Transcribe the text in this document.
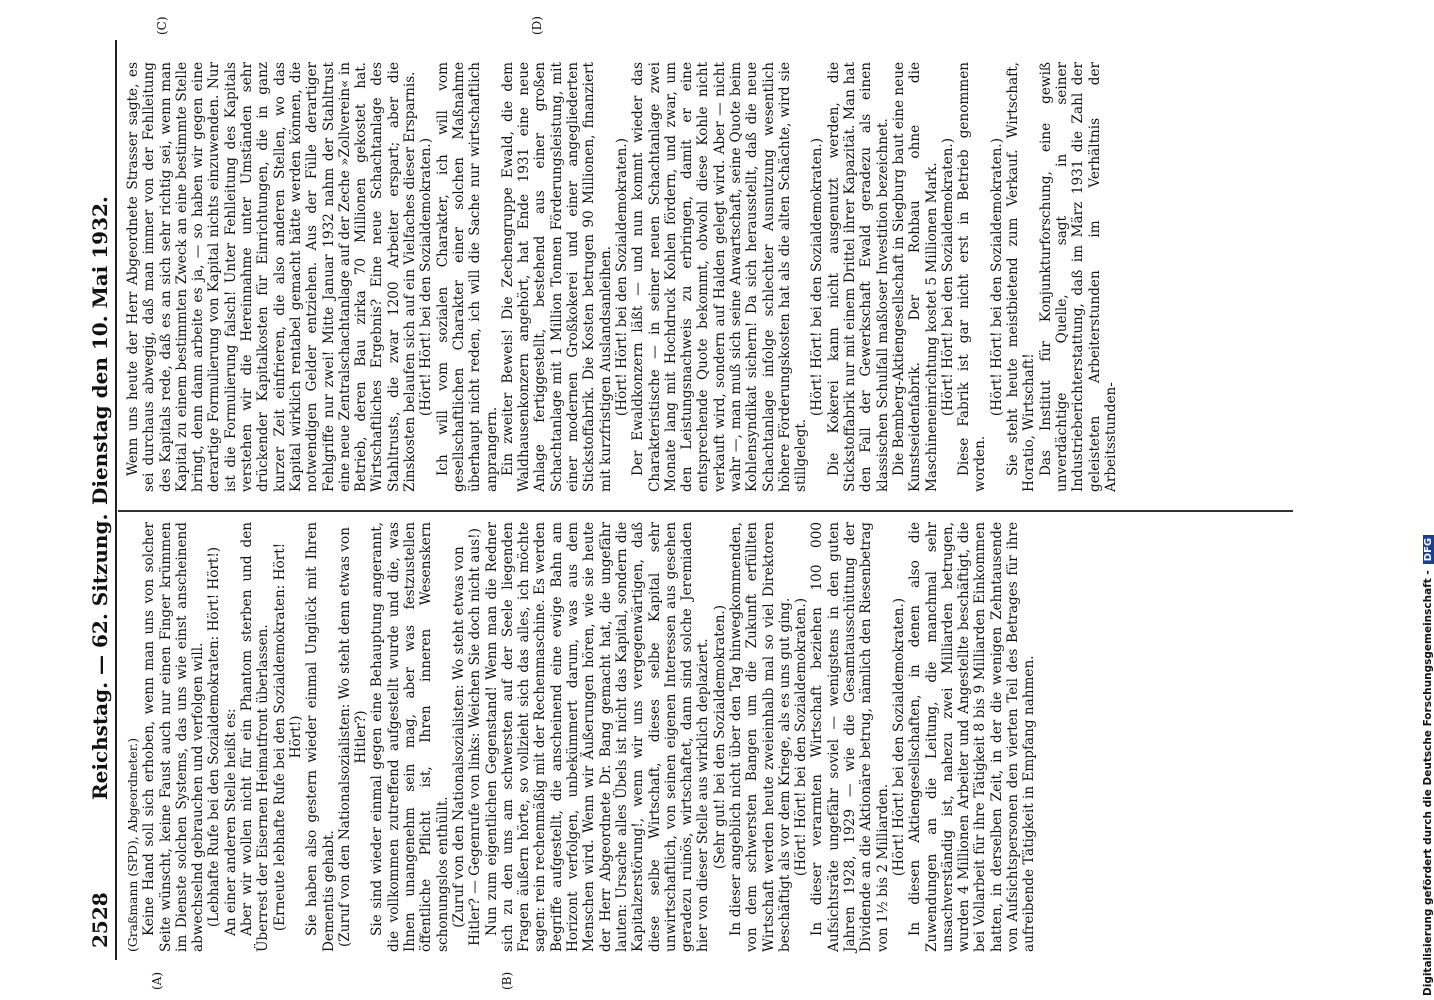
2528
Reichstag. — 62. Sitzung.
Dienstag den 10. Mai 1932.
(A)	(B)
(C)	(D)

(Graßmann (SPD), Abgeordneter.) Keine Hand soll sich erhoben, wenn man uns von solcher Seite wünscht, keine Faust auch nur einen Finger krümmen im Dienste solchen Systems, das uns wie einst anscheinend abwechselnd gebrauchen und verfolgen will. (Lebhafte Rufe bei den Sozialdemokraten: Hört! Hört!) An einer anderen Stelle heißt es: Aber wir wollen nicht für ein Phantom sterben und den Überrest der Eisernen Heimatfront überlassen. (Erneute lebhafte Rufe bei den Sozialdemokraten: Hört! Hört!) Sie haben also gestern wieder einmal Unglück mit Ihren Dementis gehabt. (Zuruf von den Nationalsozialisten: Wo steht denn etwas von Hitler?) Sie sind wieder einmal gegen eine Behauptung angerannt, die vollkommen zutreffend aufgestellt wurde und die, was Ihnen unangenehm sein mag, aber was festzustellen öffentliche Pflicht ist, Ihren inneren Wesenskern schonungslos enthüllt. (Zuruf von den Nationalsozialisten: Wo steht etwas von Hitler? — Gegenrufe von links: Weichen Sie doch nicht aus!) Nun zum eigentlichen Gegenstand! Wenn man die Redner sich zu den uns am schwersten auf der Seele liegenden Fragen äußern hörte, so vollzieht sich das alles, ich möchte sagen: rein rechenmäßig mit der Rechenmaschine. Es werden Begriffe aufgestellt, die anscheinend eine ewige Bahn am Horizont verfolgen, unbekümmert darum, was aus dem Menschen wird. Wenn wir Äußerungen hören, wie sie heute der Herr Abgeordnete Dr. Bang gemacht hat, die ungefähr lauten: Ursache alles Übels ist nicht das Kapital, sondern die Kapitalzerstörung!, wenn wir uns vergegenwärtigen, daß diese selbe Wirtschaft, dieses selbe Kapital sehr unwirtschaftlich, von seinen eigenen Interessen aus gesehen geradezu ruinös, wirtschaftet, dann sind solche Jeremiaden hier von dieser Stelle aus wirklich deplaziert. (Sehr gut! bei den Sozialdemokraten.) In dieser angeblich nicht über den Tag hinwegkommenden, von dem schwersten Bangen um die Zukunft erfüllten Wirtschaft werden heute zweieinhalb mal so viel Direktoren beschäftigt als vor dem Kriege, als es uns gut ging. (Hört! Hört! bei den Sozialdemokraten.) In dieser verarmten Wirtschaft beziehen 100 000 Aufsichtsräte ungefähr soviel — wenigstens in den guten Jahren 1928, 1929 — wie die Gesamtausschüttung der Dividende an die Aktionäre betrug, nämlich den Riesenbetrag von 1½ bis 2 Milliarden. (Hört! Hört! bei den Sozialdemokraten.) In diesen Aktiengesellschaften, in denen also die Zuwendungen an die Leitung, die manchmal sehr unsachverständig ist, nahezu zwei Milliarden betrugen, wurden 4 Millionen Arbeiter und Angestellte beschäftigt, die bei Vollarbeit für ihre Tätigkeit 8 bis 9 Milliarden Einkommen hatten, in derselben Zeit, in der die wenigen Zehntausende von Aufsichtspersonen den vierten Teil des Betrages für ihre aufreibende Tätigkeit in Empfang nahmen.

Wenn uns heute der Herr Abgeordnete Strasser sagte, es sei durchaus abwegig, daß man immer von der Fehlleitung des Kapitals rede, daß es an sich sehr richtig sei, wenn man Kapital zu einem bestimmten Zweck an eine bestimmte Stelle bringt, denn dann arbeite es ja, — so haben wir gegen eine derartige Formulierung von Kapital nichts einzuwenden. Nur ist die Formulierung falsch! Unter Fehlleitung des Kapitals verstehen wir die Hereinnahme unter Umständen sehr drückender Kapitalkosten für Einrichtungen, die in ganz kurzer Zeit einfrieren, die also anderen Stellen, wo das Kapital wirklich rentabel gemacht hätte werden können, die notwendigen Gelder entziehen. Aus der Fülle derartiger Fehlgriffe nur zwei! Mitte Januar 1932 nahm der Stahltrust eine neue Zentralschachtanlage auf der Zeche »Zollverein« in Betrieb, deren Bau zirka 70 Millionen gekostet hat. Wirtschaftliches Ergebnis? Eine neue Schachtanlage des Stahltrusts, die zwar 1200 Arbeiter erspart; aber die Zinskosten belaufen sich auf ein Vielfaches dieser Ersparnis. (Hört! Hört! bei den Sozialdemokraten.) Ich will vom sozialen Charakter, ich will vom gesellschaftlichen Charakter einer solchen Maßnahme überhaupt nicht reden, ich will die Sache nur wirtschaftlich anprangern. Ein zweiter Beweis! Die Zechengruppe Ewald, die dem Waldhausenkonzern angehört, hat Ende 1931 eine neue Anlage fertiggestellt, bestehend aus einer großen Schachtanlage mit 1 Million Tonnen Förderungsleistung, mit einer modernen Großkokerei und einer angegliederten Stickstoffabrik. Die Kosten betrugen 90 Millionen, finanziert mit kurzfristigen Auslandsanleihen. (Hört! Hört! bei den Sozialdemokraten.) Der Ewaldkonzern läßt — und nun kommt wieder das Charakteristische — in seiner neuen Schachtanlage zwei Monate lang mit Hochdruck Kohlen fördern, und zwar, um den Leistungsnachweis zu erbringen, damit er eine entsprechende Quote bekommt, obwohl diese Kohle nicht verkauft wird, sondern auf Halden gelegt wird. Aber — nicht wahr —, man muß sich seine Anwartschaft, seine Quote beim Kohlensyndikat sichern! Da sich herausstellt, daß die neue Schachtanlage infolge schlechter Ausnutzung wesentlich höhere Förderungskosten hat als die alten Schächte, wird sie stillgelegt.

(Hört! Hört! bei den Sozialdemokraten.) Die Kokerei kann nicht ausgenutzt werden, die Stickstoffabrik nur mit einem Drittel ihrer Kapazität. Man hat den Fall der Gewerkschaft Ewald geradezu als einen klassischen Schulfall maßloser Investition bezeichnet. Die Bemberg-Aktiengesellschaft in Siegburg baut eine neue Kunstseidenfabrik. Der Rohbau ohne die Maschineneinrichtung kostet 5 Millionen Mark. (Hört! Hört! bei den Sozialdemokraten.) Diese Fabrik ist gar nicht erst in Betrieb genommen worden.

(Hört! Hört! bei den Sozialdemokraten.) Sie steht heute meistbietend zum Verkauf. Wirtschaft, Horatio, Wirtschaft! Das Institut für Konjunkturforschung, eine gewiß unverdächtige Quelle, sagt in seiner Industrieberichterstattung, daß im März 1931 die Zahl der geleisteten Arbeiterstunden im Verhältnis der Arbeitsstunden-

Digitalisierung gefördert durch die Deutsche Forschungsgemeinschaft -DFG
